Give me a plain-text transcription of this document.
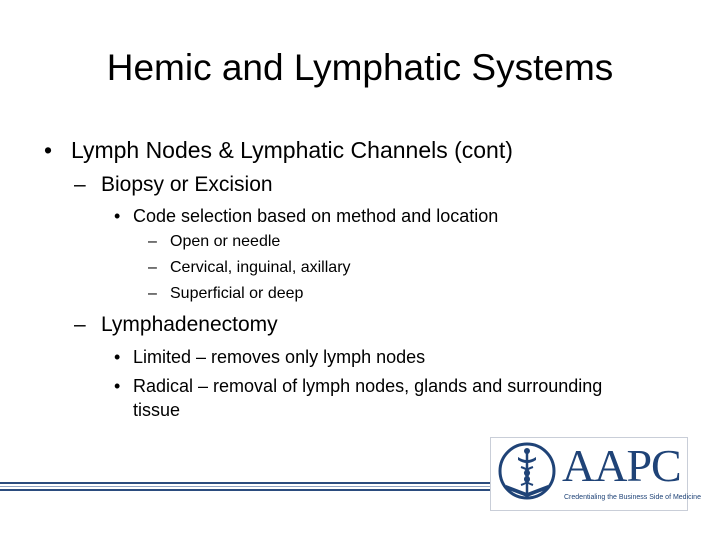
Hemic and Lymphatic Systems
• Lymph Nodes & Lymphatic Channels (cont)
– Biopsy or Excision
• Code selection based on method and location
– Open or needle
– Cervical, inguinal, axillary
– Superficial or deep
– Lymphadenectomy
• Limited – removes only lymph nodes
• Radical – removal of lymph nodes, glands and surrounding
tissue
AAPC
Credentialing the Business Side of Medicine
